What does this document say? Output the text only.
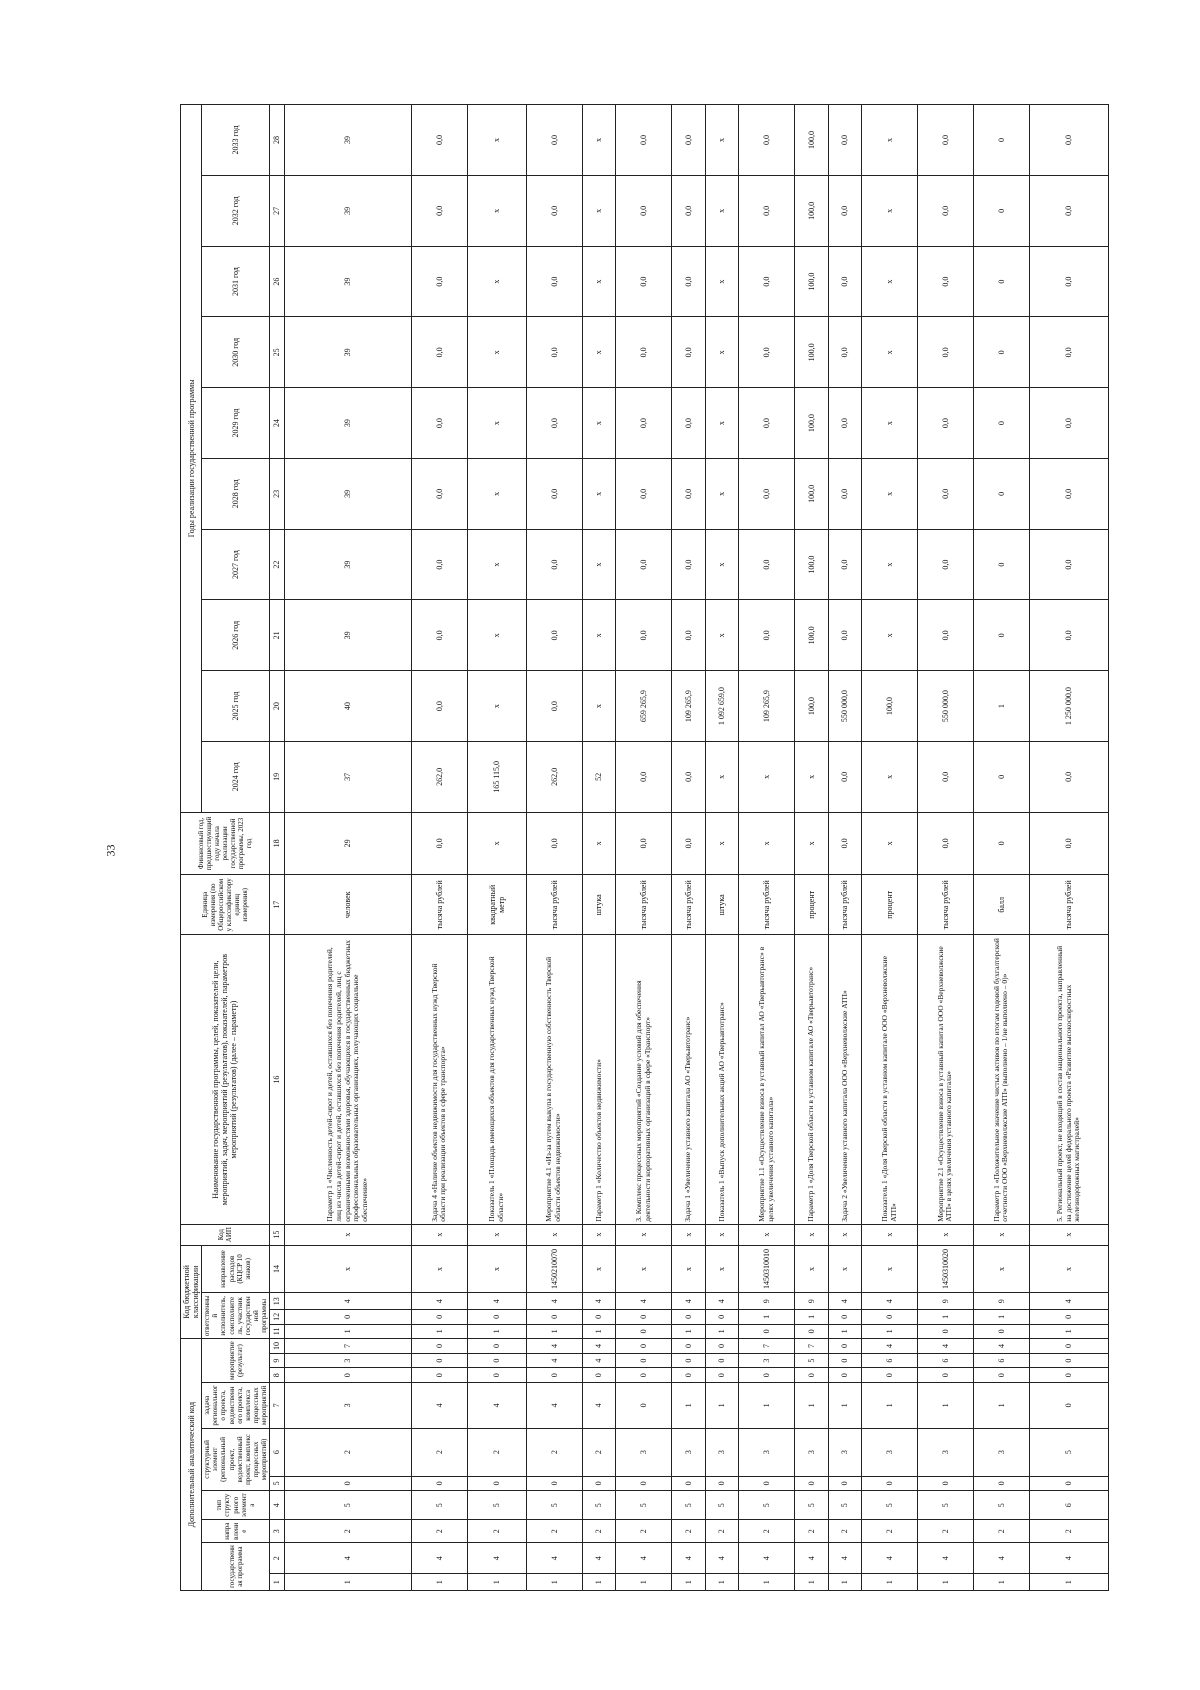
33
Дополнительный аналитический код										Код бюджетной классификации				Код АИП	Наименование государственной программы, целей, показателей цели, мероприятий, задач, мероприятий (результатов), показателей, параметров мероприятий (результатов) (далее – параметр)	Единица измерения (по Общероссийскому классификатору единиц измерения)	Финансовый год, предшествующий году начала реализации государственной программы, 2023 год	Годы реализации государственной программы									
государственная программа		направление	тип структурного элемента	структурный элемент (региональный проект, ведомственный проект, комплекс процессных мероприятий)		задача регионального проекта, ведомственного проекта, комплекса процессных мероприятий	мероприятие (результат)			ответственный исполнитель, соисполнитель, участник государственной программы			направление расходов (КЦСР 10 знаков)					2024 год	2025 год	2026 год	2027 год	2028 год	2029 год	2030 год	2031 год	2032 год	2033 год

1	2	3	4	5	6	7	8	9	10	11	12	13	14	15	16	17	18	19	20	21	22	23	24	25	26	27	28
1	4	2	5	0	2	3	0	3	7	1	0	4	x	x	Параметр 1 «Численность детей-сирот и детей, оставшихся без попечения родителей, лиц из числа детей-сирот и детей, оставшихся без попечения родителей, лиц с ограниченными возможностями здоровья, обучающихся в государственных бюджетных профессиональных образовательных организациях, получающих социальное обеспечение»	человек	29	37	40	39	39	39	39	39	39	39	39
1	4	2	5	0	2	4	0	0	0	1	0	4	x	x	Задача 4 «Наличие объектов недвижимости для государственных нужд Тверской области при реализации объектов в сфере транспорта»	тысяча рублей	0,0	262,0	0,0	0,0	0,0	0,0	0,0	0,0	0,0	0,0	0,0
1	4	2	5	0	2	4	0	0	0	1	0	4	x	x	Показатель 1 «Площадь имеющихся объектов для государственных нужд Тверской области»	квадратный метр	x	165 115,0	x	x	x	x	x	x	x	x	x
1	4	2	5	0	2	4	0	4	4	1	0	4	1450210070	x	Мероприятие 4.1 «Из-за путем выкупа в государственную собственность Тверской области объектов недвижимости»	тысяча рублей	0,0	262,0	0,0	0,0	0,0	0,0	0,0	0,0	0,0	0,0	0,0
1	4	2	5	0	2	4	0	4	4	1	0	4	x	x	Параметр 1 «Количество объектов недвижимости»	штука	x	52	x	x	x	x	x	x	x	x	x
1	4	2	5	0	3	0	0	0	0	0	0	4	x	x	3. Комплекс процессных мероприятий «Создание условий для обеспечения деятельности корпоративных организаций в сфере «Транспорт»	тысяча рублей	0,0	0,0	659 265,9	0,0	0,0	0,0	0,0	0,0	0,0	0,0	0,0
1	4	2	5	0	3	1	0	0	0	1	0	4	x	x	Задача 1 «Увеличение уставного капитала АО «Тверьавтотранс»	тысяча рублей	0,0	0,0	109 265,9	0,0	0,0	0,0	0,0	0,0	0,0	0,0	0,0
1	4	2	5	0	3	1	0	0	0	1	0	4	x	x	Показатель 1 «Выпуск дополнительных акций АО «Тверьавтотранс»	штука	x	x	1 092 659,0	x	x	x	x	x	x	x	x
1	4	2	5	0	3	1	0	3	7	0	1	9	1450310010	x	Мероприятие 1.1 «Осуществление взноса в уставный капитал АО «Тверьавтотранс» в целях увеличения уставного капитала»	тысяча рублей	x	x	109 265,9	0,0	0,0	0,0	0,0	0,0	0,0	0,0	0,0
1	4	2	5	0	3	1	0	5	7	0	1	9	x	x	Параметр 1 «Доля Тверской области в уставном капитале АО «Тверьавтотранс»	процент	x	x	100,0	100,0	100,0	100,0	100,0	100,0	100,0	100,0	100,0
1	4	2	5	0	3	1	0	0	0	1	0	4	x	x	Задача 2 «Увеличение уставного капитала ООО «Верхневолжские АТП»	тысяча рублей	0,0	0,0	550 000,0	0,0	0,0	0,0	0,0	0,0	0,0	0,0	0,0
1	4	2	5	0	3	1	0	6	4	1	0	4	x	x	Показатель 1 «Доля Тверской области в уставном капитале ООО «Верхневолжские АТП»	процент	x	x	100,0	x	x	x	x	x	x	x	x
1	4	2	5	0	3	1	0	6	4	0	1	9	1450310020	x	Мероприятие 2.1 «Осуществление взноса в уставный капитал ООО «Верхневолжские АТП» в целях увеличения уставного капитала»	тысяча рублей	0,0	0,0	550 000,0	0,0	0,0	0,0	0,0	0,0	0,0	0,0	0,0
1	4	2	5	0	3	1	0	6	4	0	1	9	x	x	Параметр 1 «Положительное значение чистых активов по итогам годовой бухгалтерской отчетности ООО «Верхневолжские АТП» (выполнено – 1/не выполнено – 0)»	балл	0	0	1	0	0	0	0	0	0	0	0
1	4	2	6	0	5	0	0	0	0	1	0	4	x	x	5. Региональный проект, не входящий в состав национального проекта, направленный на достижение целей федерального проекта «Развитие высокоскоростных железнодорожных магистралей»	тысяча рублей	0,0	0,0	1 250 000,0	0,0	0,0	0,0	0,0	0,0	0,0	0,0	0,0
